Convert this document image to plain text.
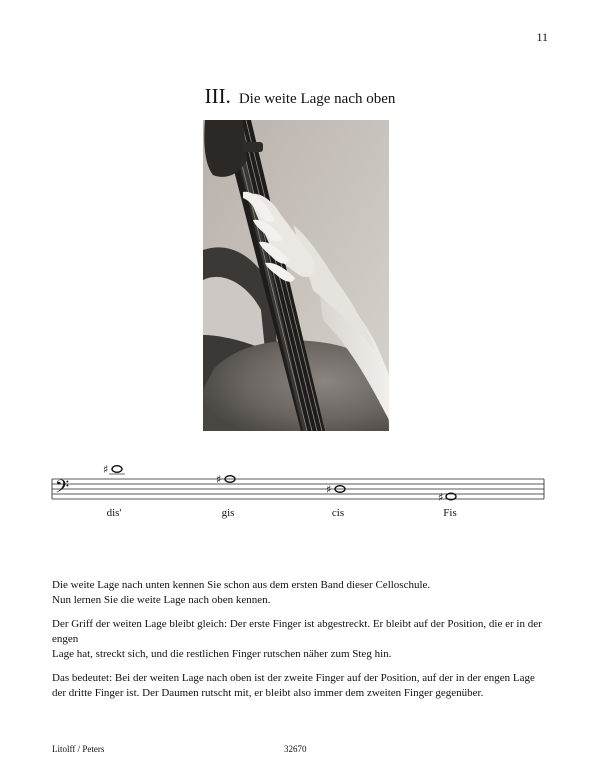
11
III. Die weite Lage nach oben
𝄢
♯
dis'
♯
gis
♯
cis
♯
Fis

Die weite Lage nach unten kennen Sie schon aus dem ersten Band dieser Celloschule.
Nun lernen Sie die weite Lage nach oben kennen.

Der Griff der weiten Lage bleibt gleich: Der erste Finger ist abgestreckt. Er bleibt auf der Position, die er in der engen
Lage hat, streckt sich, und die restlichen Finger rutschen näher zum Steg hin.

Das bedeutet: Bei der weiten Lage nach oben ist der zweite Finger auf der Position, auf der in der engen Lage
der dritte Finger ist. Der Daumen rutscht mit, er bleibt also immer dem zweiten Finger gegenüber.

Litolff / Peters	32670
